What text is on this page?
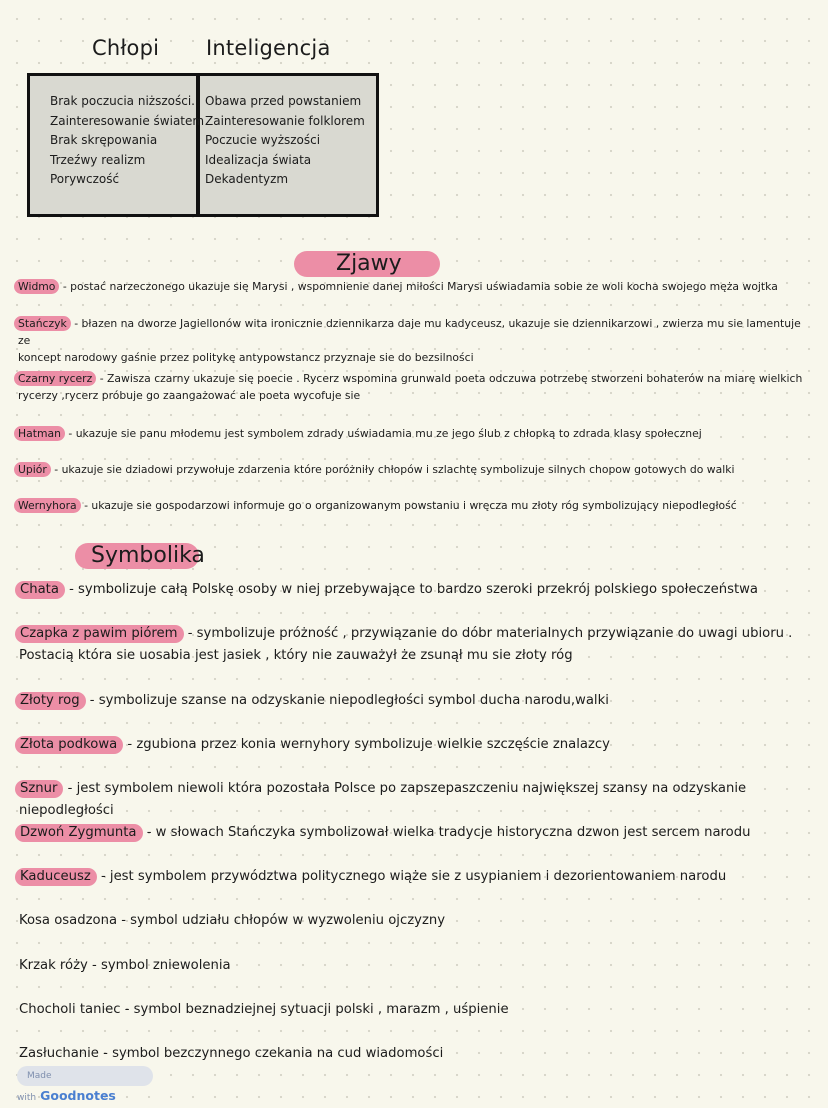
Chłopi Inteligencja
Brak poczucia niższości.
Zainteresowanie światem
Brak skrępowania
Trzeźwy realizm
Porywczość
Obawa przed powstaniem
Zainteresowanie folklorem
Poczucie wyższości
Idealizacja świata
Dekadentyzm
Zjawy
Widmo - postać narzeczonego ukazuje się Marysi , wspomnienie danej miłości Marysi uświadamia sobie ze woli kocha swojego męża wojtka
Stańczyk - błazen na dworze Jagiellonów wita ironicznie dziennikarza daje mu kadyceusz, ukazuje sie dziennikarzowi , zwierza mu sie lamentuje ze
koncept narodowy gaśnie przez politykę antypowstancz przyznaje sie do bezsilności
Czarny rycerz - Zawisza czarny ukazuje się poecie . Rycerz wspomina grunwald poeta odczuwa potrzebę stworzeni bohaterów na miarę wielkich
rycerzy ,rycerz próbuje go zaangażować ale poeta wycofuje sie
Hatman - ukazuje sie panu młodemu jest symbolem zdrady uświadamia mu ze jego ślub z chłopką to zdrada klasy społecznej
Upiór - ukazuje sie dziadowi przywołuje zdarzenia które poróżniły chłopów i szlachtę symbolizuje silnych chopow gotowych do walki
Wernyhora - ukazuje sie gospodarzowi informuje go o organizowanym powstaniu i wręcza mu złoty róg symbolizujący niepodległość
Symbolika
Chata - symbolizuje całą Polskę osoby w niej przebywające to bardzo szeroki przekrój polskiego społeczeństwa
Czapka z pawim piórem - symbolizuje próżność , przywiązanie do dóbr materialnych przywiązanie do uwagi ubioru .
Postacią która sie uosabia jest jasiek , który nie zauważył że zsunął mu sie złoty róg
Złoty rog - symbolizuje szanse na odzyskanie niepodległości symbol ducha narodu,walki
Złota podkowa - zgubiona przez konia wernyhory symbolizuje wielkie szczęście znalazcy
Sznur - jest symbolem niewoli która pozostała Polsce po zapszepaszczeniu największej szansy na odzyskanie niepodległości
Dzwoń Zygmunta - w słowach Stańczyka symbolizował wielka tradycje historyczna dzwon jest sercem narodu
Kaduceusz - jest symbolem przywództwa politycznego wiąże sie z usypianiem i dezorientowaniem narodu
Kosa osadzona - symbol udziału chłopów w wyzwoleniu ojczyzny
Krzak róży - symbol zniewolenia
Chocholi taniec - symbol beznadziejnej sytuacji polski , marazm , uśpienie
Zasłuchanie - symbol bezczynnego czekania na cud wiadomości
Made with Goodnotes
